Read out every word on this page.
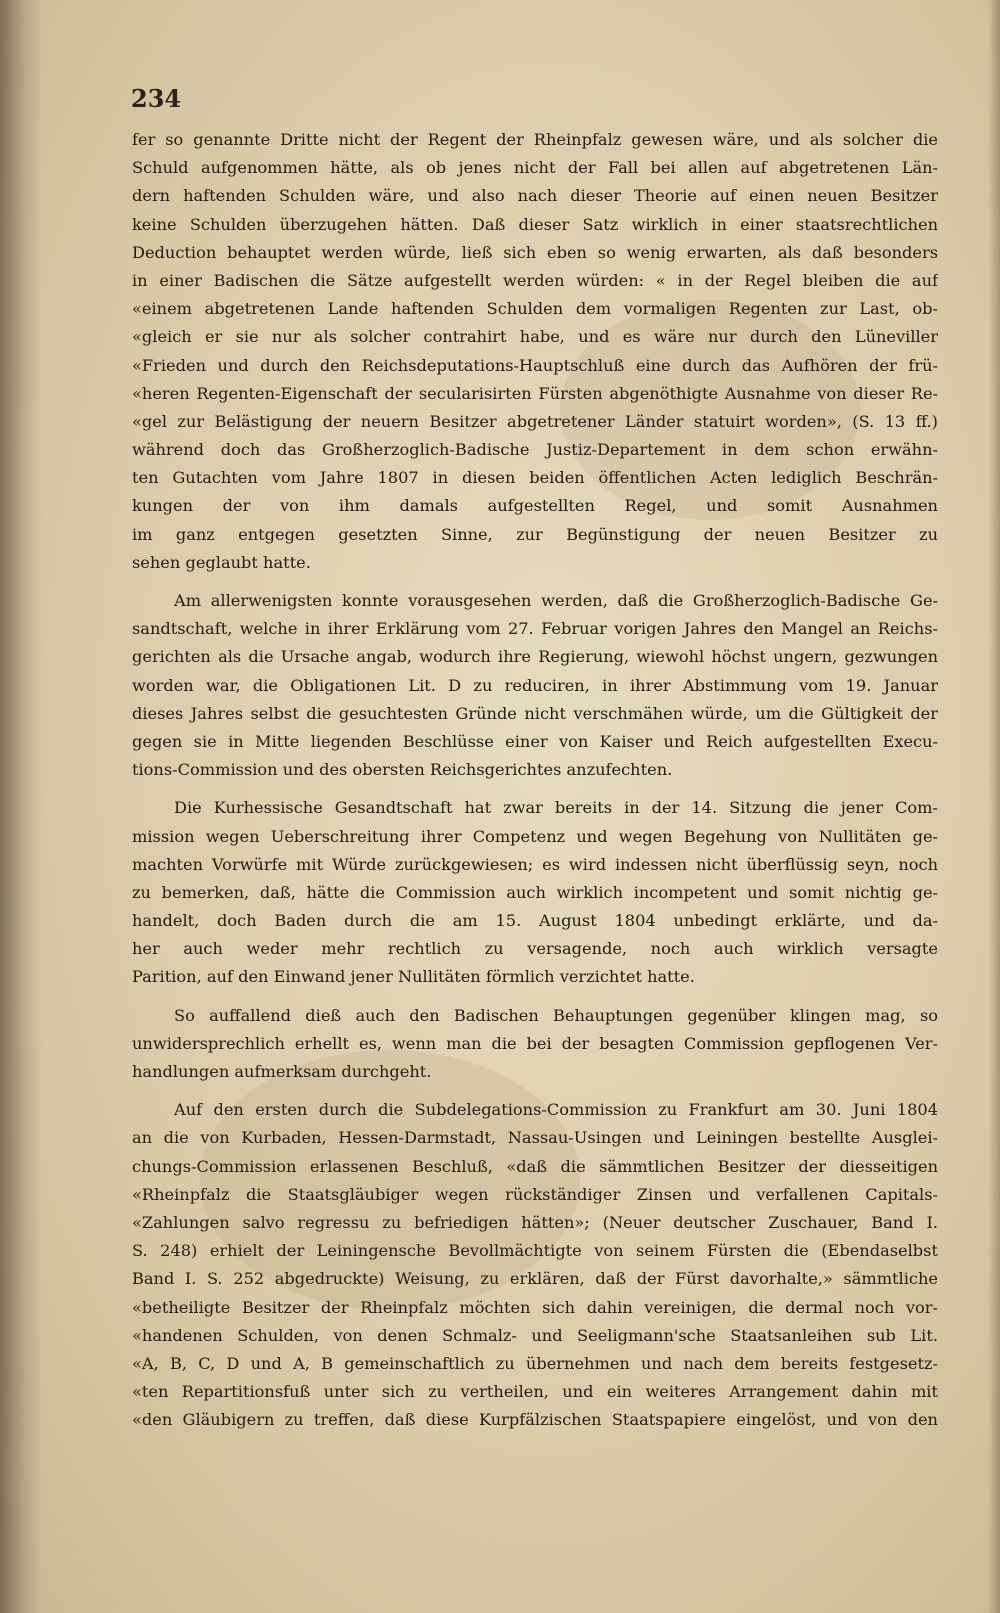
234
fer so genannte Dritte nicht der Regent der Rheinpfalz gewesen wäre, und als solcher die
Schuld aufgenommen hätte, als ob jenes nicht der Fall bei allen auf abgetretenen Län-
dern haftenden Schulden wäre, und also nach dieser Theorie auf einen neuen Besitzer
keine Schulden überzugehen hätten. Daß dieser Satz wirklich in einer staatsrechtlichen
Deduction behauptet werden würde, ließ sich eben so wenig erwarten, als daß besonders
in einer Badischen die Sätze aufgestellt werden würden: « in der Regel bleiben die auf
«einem abgetretenen Lande haftenden Schulden dem vormaligen Regenten zur Last, ob-
«gleich er sie nur als solcher contrahirt habe, und es wäre nur durch den Lüneviller
«Frieden und durch den Reichsdeputations-Hauptschluß eine durch das Aufhören der frü-
«heren Regenten-Eigenschaft der secularisirten Fürsten abgenöthigte Ausnahme von dieser Re-
«gel zur Belästigung der neuern Besitzer abgetretener Länder statuirt worden», (S. 13 ff.)
während doch das Großherzoglich-Badische Justiz-Departement in dem schon erwähn-
ten Gutachten vom Jahre 1807 in diesen beiden öffentlichen Acten lediglich Beschrän-
kungen der von ihm damals aufgestellten Regel, und somit Ausnahmen
im ganz entgegen gesetzten Sinne, zur Begünstigung der neuen Besitzer zu
sehen geglaubt hatte.
Am allerwenigsten konnte vorausgesehen werden, daß die Großherzoglich-Badische Ge-
sandtschaft, welche in ihrer Erklärung vom 27. Februar vorigen Jahres den Mangel an Reichs-
gerichten als die Ursache angab, wodurch ihre Regierung, wiewohl höchst ungern, gezwungen
worden war, die Obligationen Lit. D zu reduciren, in ihrer Abstimmung vom 19. Januar
dieses Jahres selbst die gesuchtesten Gründe nicht verschmähen würde, um die Gültigkeit der
gegen sie in Mitte liegenden Beschlüsse einer von Kaiser und Reich aufgestellten Execu-
tions-Commission und des obersten Reichsgerichtes anzufechten.
Die Kurhessische Gesandtschaft hat zwar bereits in der 14. Sitzung die jener Com-
mission wegen Ueberschreitung ihrer Competenz und wegen Begehung von Nullitäten ge-
machten Vorwürfe mit Würde zurückgewiesen; es wird indessen nicht überflüssig seyn, noch
zu bemerken, daß, hätte die Commission auch wirklich incompetent und somit nichtig ge-
handelt, doch Baden durch die am 15. August 1804 unbedingt erklärte, und da-
her auch weder mehr rechtlich zu versagende, noch auch wirklich versagte
Parition, auf den Einwand jener Nullitäten förmlich verzichtet hatte.
So auffallend dieß auch den Badischen Behauptungen gegenüber klingen mag, so
unwidersprechlich erhellt es, wenn man die bei der besagten Commission gepflogenen Ver-
handlungen aufmerksam durchgeht.
Auf den ersten durch die Subdelegations-Commission zu Frankfurt am 30. Juni 1804
an die von Kurbaden, Hessen-Darmstadt, Nassau-Usingen und Leiningen bestellte Ausglei-
chungs-Commission erlassenen Beschluß, «daß die sämmtlichen Besitzer der diesseitigen
«Rheinpfalz die Staatsgläubiger wegen rückständiger Zinsen und verfallenen Capitals-
«Zahlungen salvo regressu zu befriedigen hätten»; (Neuer deutscher Zuschauer, Band I.
S. 248) erhielt der Leiningensche Bevollmächtigte von seinem Fürsten die (Ebendaselbst
Band I. S. 252 abgedruckte) Weisung, zu erklären, daß der Fürst davorhalte,» sämmtliche
«betheiligte Besitzer der Rheinpfalz möchten sich dahin vereinigen, die dermal noch vor-
«handenen Schulden, von denen Schmalz- und Seeligmann'sche Staatsanleihen sub Lit.
«A, B, C, D und A, B gemeinschaftlich zu übernehmen und nach dem bereits festgesetz-
«ten Repartitionsfuß unter sich zu vertheilen, und ein weiteres Arrangement dahin mit
«den Gläubigern zu treffen, daß diese Kurpfälzischen Staatspapiere eingelöst, und von den
